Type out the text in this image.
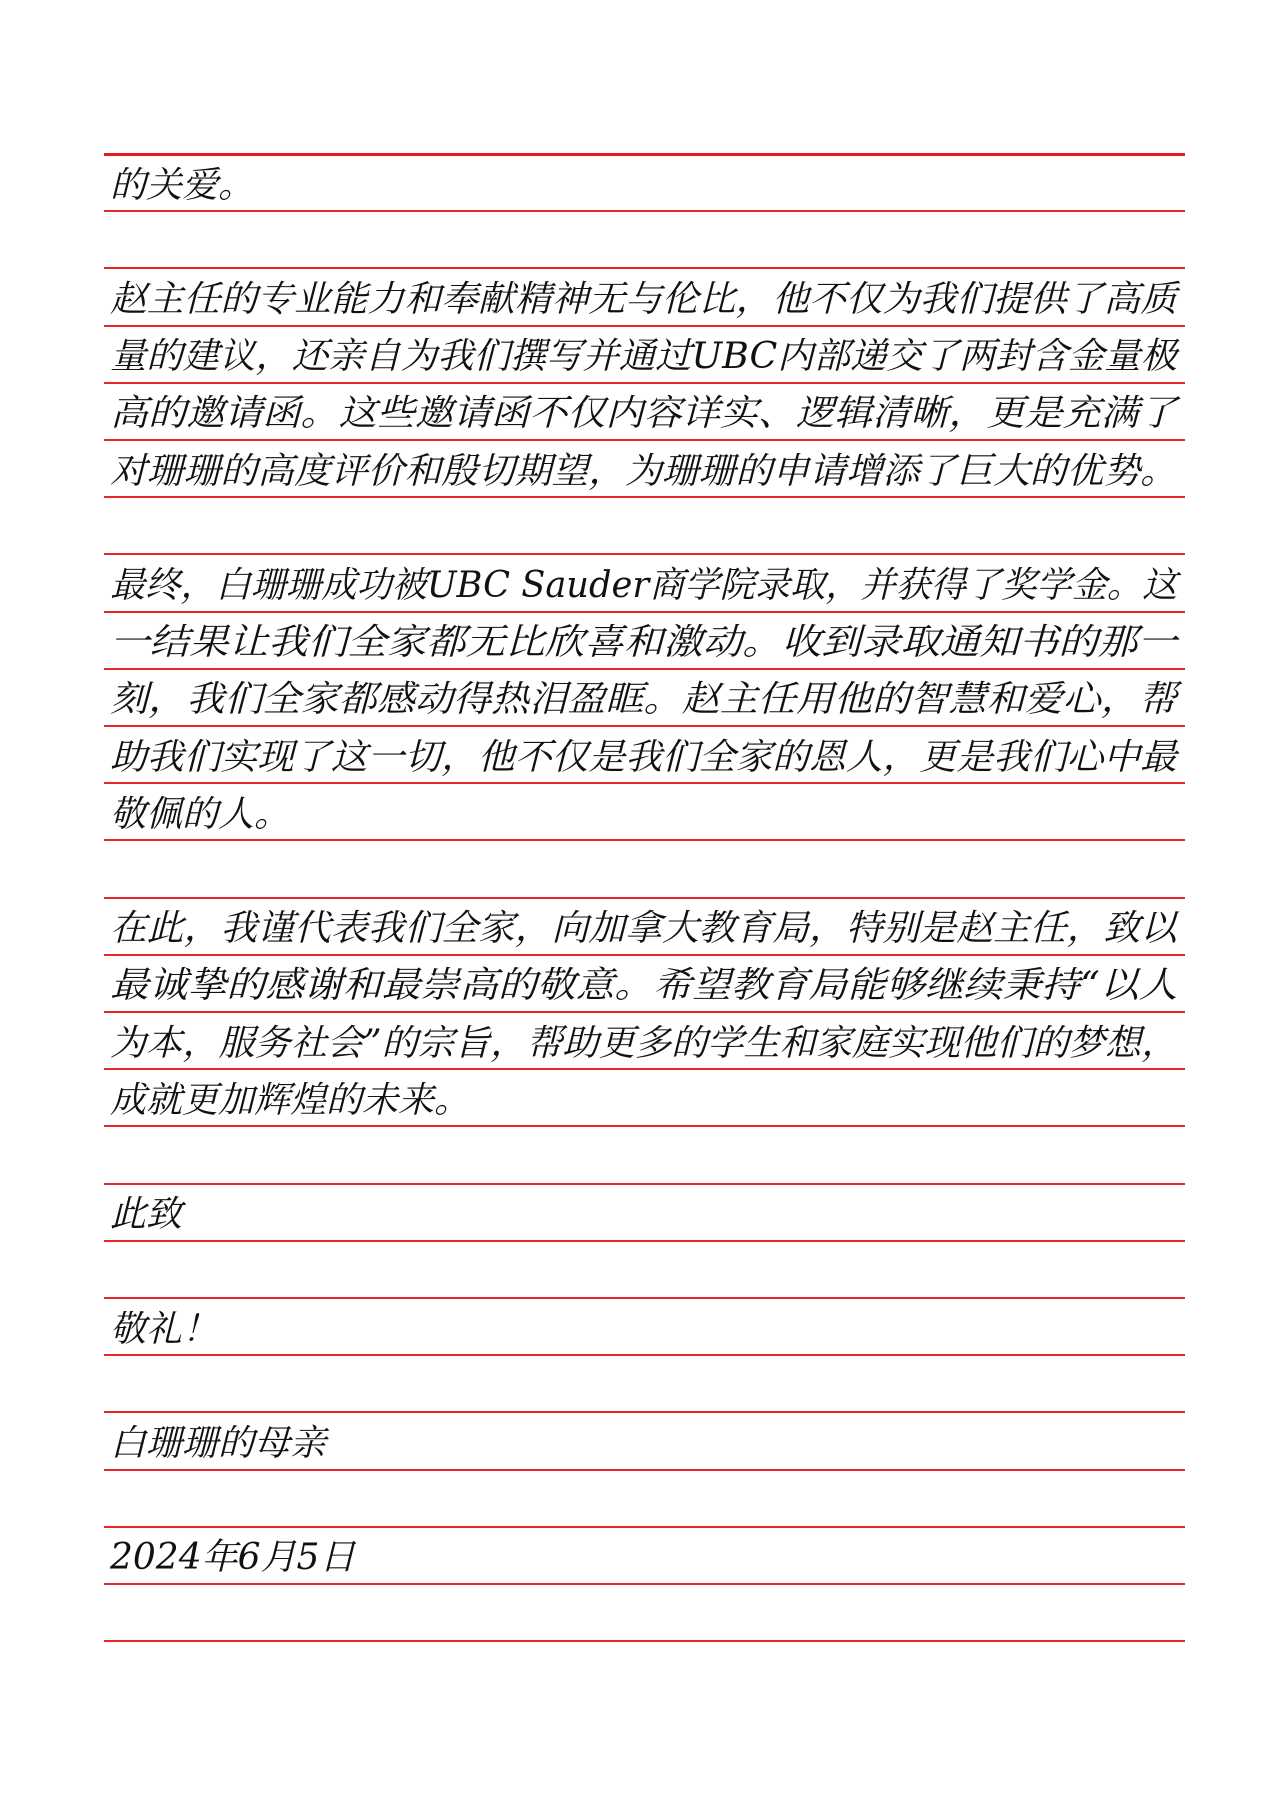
的关爱。
赵主任的专业能力和奉献精神无与伦比，他不仅为我们提供了高质
量的建议，还亲自为我们撰写并通过UBC内部递交了两封含金量极
高的邀请函。这些邀请函不仅内容详实、逻辑清晰，更是充满了
对珊珊的高度评价和殷切期望，为珊珊的申请增添了巨大的优势。
最终，白珊珊成功被UBC Sauder商学院录取，并获得了奖学金。这
一结果让我们全家都无比欣喜和激动。收到录取通知书的那一
刻，我们全家都感动得热泪盈眶。赵主任用他的智慧和爱心，帮
助我们实现了这一切，他不仅是我们全家的恩人，更是我们心中最
敬佩的人。
在此，我谨代表我们全家，向加拿大教育局，特别是赵主任，致以
最诚挚的感谢和最崇高的敬意。希望教育局能够继续秉持“以人
为本，服务社会”的宗旨，帮助更多的学生和家庭实现他们的梦想，
成就更加辉煌的未来。
此致
敬礼！
白珊珊的母亲
2024年6月5日
